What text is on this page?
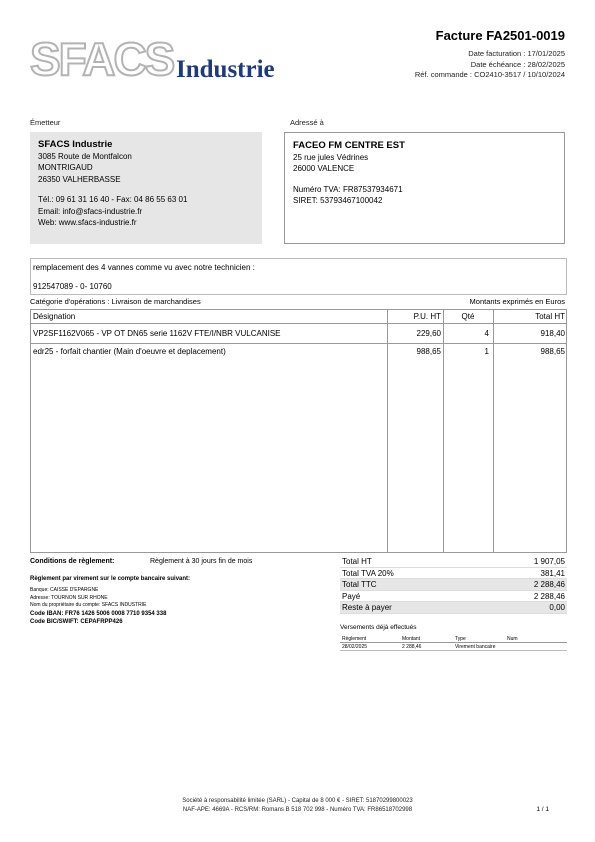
SFACS Industrie
Facture FA2501-0019
Date facturation : 17/01/2025
Date échéance : 28/02/2025
Réf. commande : CO2410-3517 / 10/10/2024
Émetteur	Adressé à
SFACS Industrie
3085 Route de Montfalcon
MONTRIGAUD
26350 VALHERBASSE
Tél.: 09 61 31 16 40 - Fax: 04 86 55 63 01
Email: info@sfacs-industrie.fr
Web: www.sfacs-industrie.fr
FACEO FM CENTRE EST
25 rue jules Védrines
26000 VALENCE
Numéro TVA: FR87537934671
SIRET: 53793467100042
remplacement des 4 vannes comme vu avec notre technicien :
912547089 - 0- 10760
Catégorie d'opérations : Livraison de marchandises	Montants exprimés en Euros
Désignation	P.U. HT	Qté	Total HT
VP2SF1162V065 - VP OT DN65 serie 1162V FTE/I/NBR VULCANISE	229,60	4	918,40
edr25 - forfait chantier (Main d'oeuvre et deplacement)	988,65	1	988,65
Conditions de règlement:	Règlement à 30 jours fin de mois
Règlement par virement sur le compte bancaire suivant:
Banque: CAISSE D'EPARGNE
Adresse: TOURNON SUR RHONE
Nom du propriétaire du compte: SFACS INDUSTRIE
Code IBAN: FR76 1426 5006 0008 7710 9354 338
Code BIC/SWIFT: CEPAFRPP426
Total HT	1 907,05
Total TVA 20%	381,41
Total TTC	2 288,46
Payé	2 288,46
Reste à payer	0,00
Versements déjà effectués
Règlement	Montant	Type	Num
28/02/2025	2 288,46	Virement bancaire
Société à responsabilité limitée (SARL) - Capital de 8 000 € - SIRET: 51870299800023
NAF-APE: 4669A - RCS/RM: Romans B 518 702 998 - Numéro TVA: FR86518702998	1 / 1
